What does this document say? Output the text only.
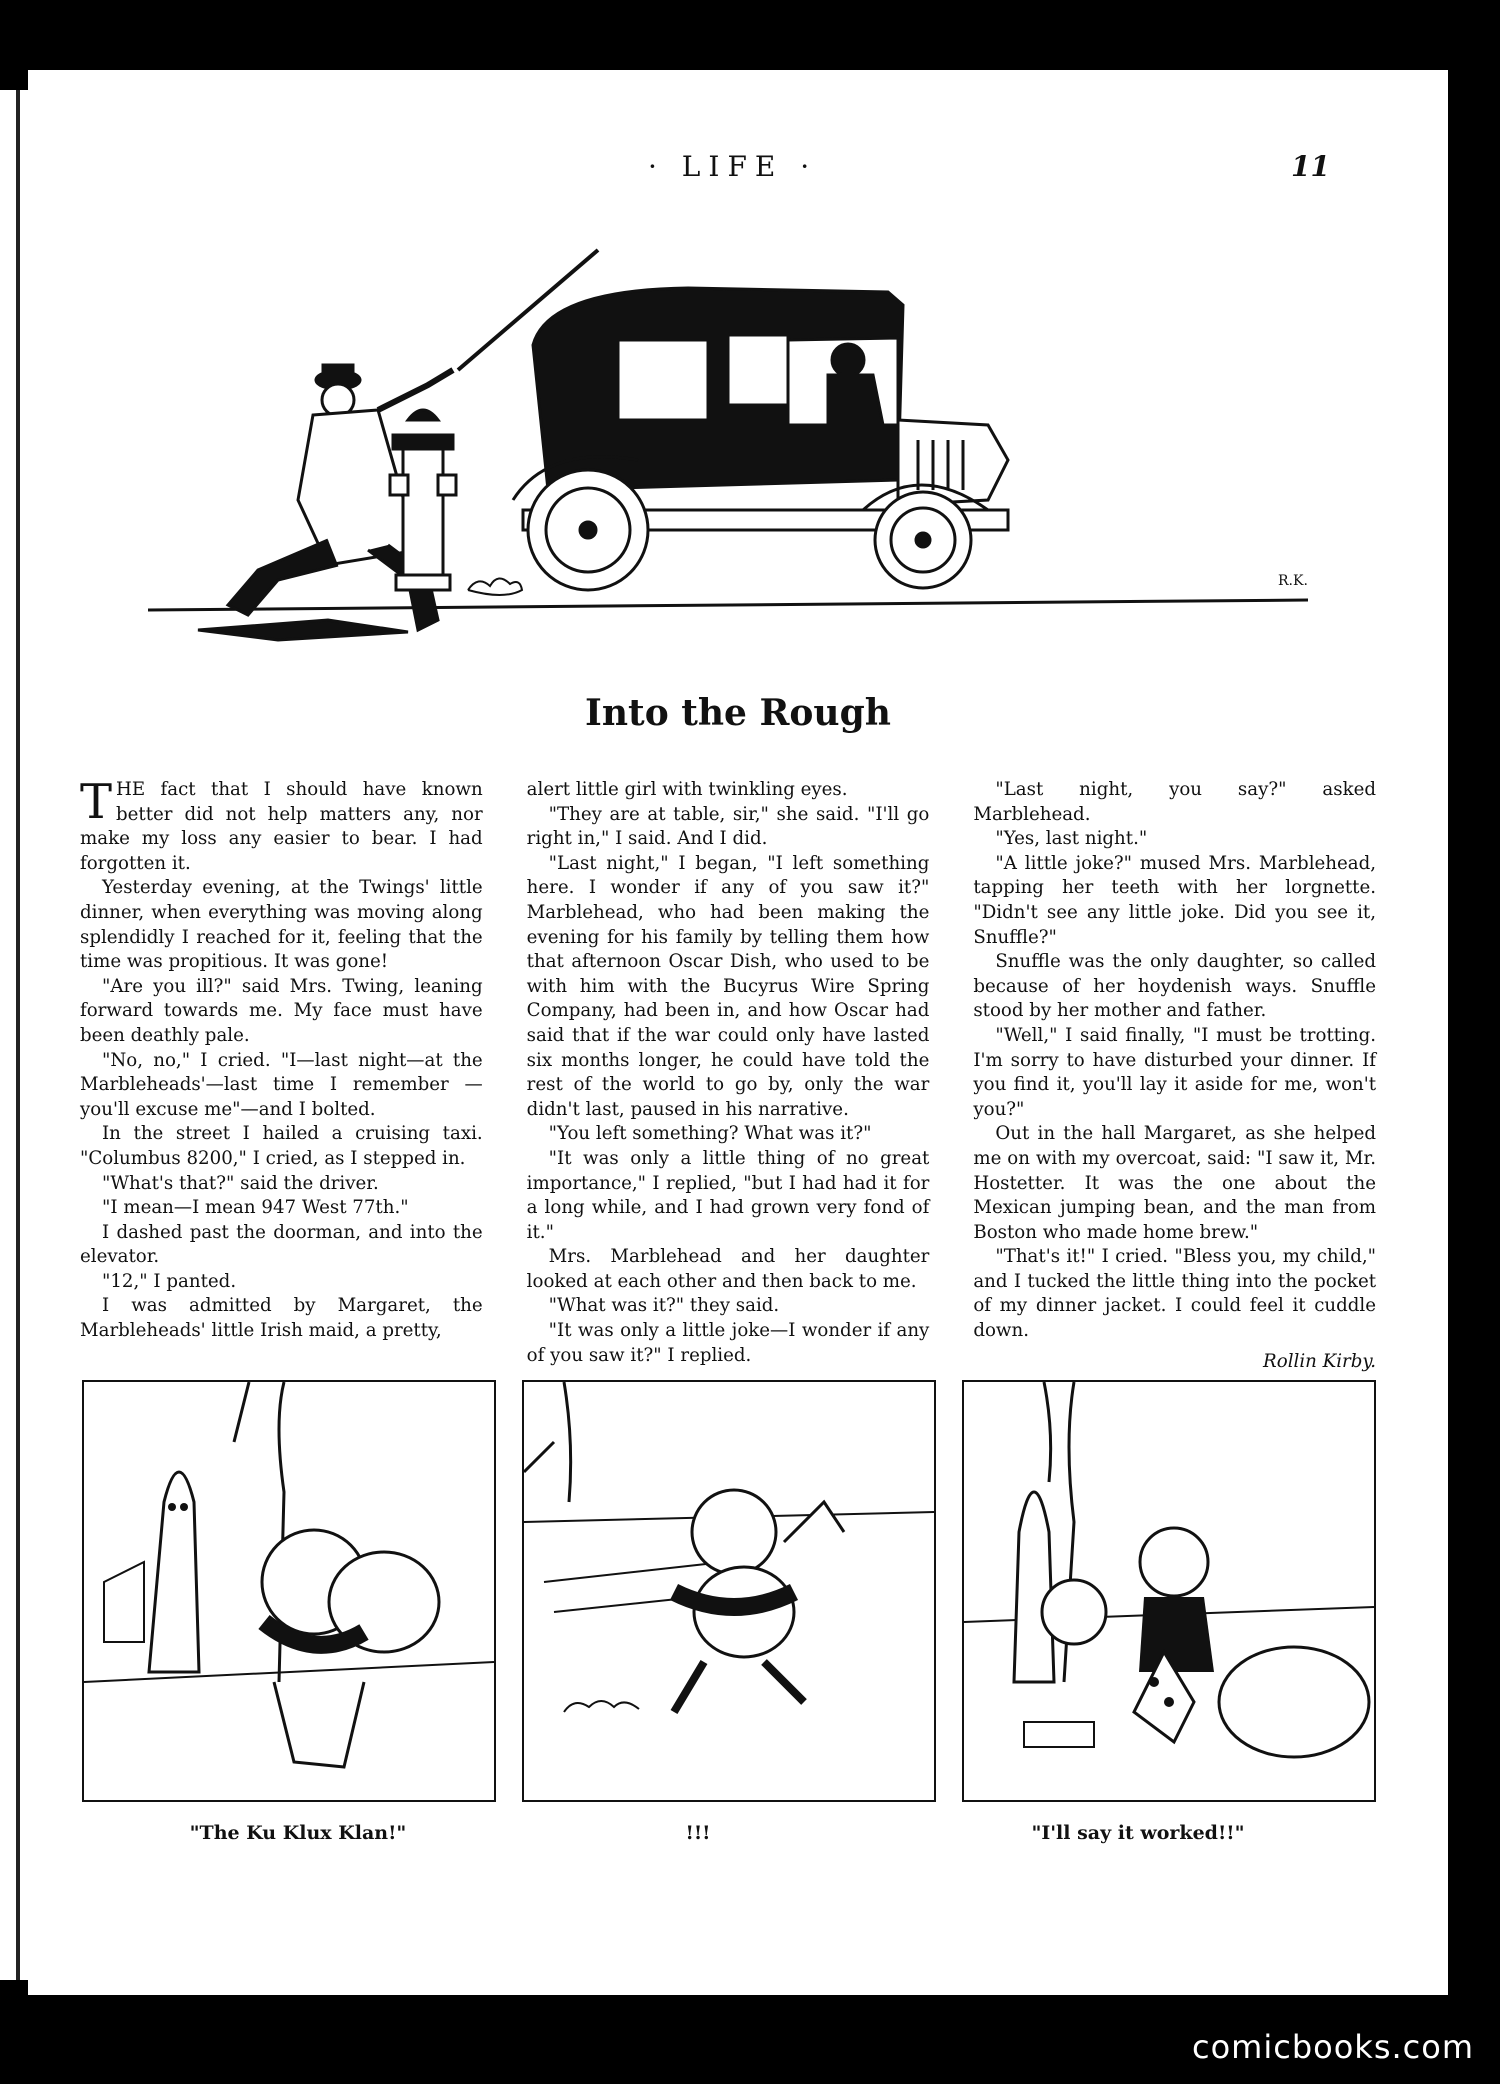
· LIFE ·	11
R.K.
Into the Rough

THE fact that I should have known better did not help matters any, nor make my loss any easier to bear. I had forgotten it.

Yesterday evening, at the Twings' little dinner, when everything was moving along splendidly I reached for it, feeling that the time was propitious. It was gone!

"Are you ill?" said Mrs. Twing, leaning forward towards me. My face must have been deathly pale.

"No, no," I cried. "I—last night—at the Marbleheads'—last time I remember —you'll excuse me"—and I bolted.

In the street I hailed a cruising taxi. "Columbus 8200," I cried, as I stepped in.

"What's that?" said the driver.

"I mean—I mean 947 West 77th."

I dashed past the doorman, and into the elevator.

"12," I panted.

I was admitted by Margaret, the Marbleheads' little Irish maid, a pretty,

alert little girl with twinkling eyes.

"They are at table, sir," she said. "I'll go right in," I said. And I did.

"Last night," I began, "I left something here. I wonder if any of you saw it?" Marblehead, who had been making the evening for his family by telling them how that afternoon Oscar Dish, who used to be with him with the Bucyrus Wire Spring Company, had been in, and how Oscar had said that if the war could only have lasted six months longer, he could have told the rest of the world to go by, only the war didn't last, paused in his narrative.

"You left something? What was it?"

"It was only a little thing of no great importance," I replied, "but I had had it for a long while, and I had grown very fond of it."

Mrs. Marblehead and her daughter looked at each other and then back to me.

"What was it?" they said.

"It was only a little joke—I wonder if any of you saw it?" I replied.

"Last night, you say?" asked Marblehead.

"Yes, last night."

"A little joke?" mused Mrs. Marblehead, tapping her teeth with her lorgnette. "Didn't see any little joke. Did you see it, Snuffle?"

Snuffle was the only daughter, so called because of her hoydenish ways. Snuffle stood by her mother and father.

"Well," I said finally, "I must be trotting. I'm sorry to have disturbed your dinner. If you find it, you'll lay it aside for me, won't you?"

Out in the hall Margaret, as she helped me on with my overcoat, said: "I saw it, Mr. Hostetter. It was the one about the Mexican jumping bean, and the man from Boston who made home brew."

"That's it!" I cried. "Bless you, my child," and I tucked the little thing into the pocket of my dinner jacket. I could feel it cuddle down.

Rollin Kirby.
"The Ku Klux Klan!"	!!!	"I'll say it worked!!"
comicbooks.com
